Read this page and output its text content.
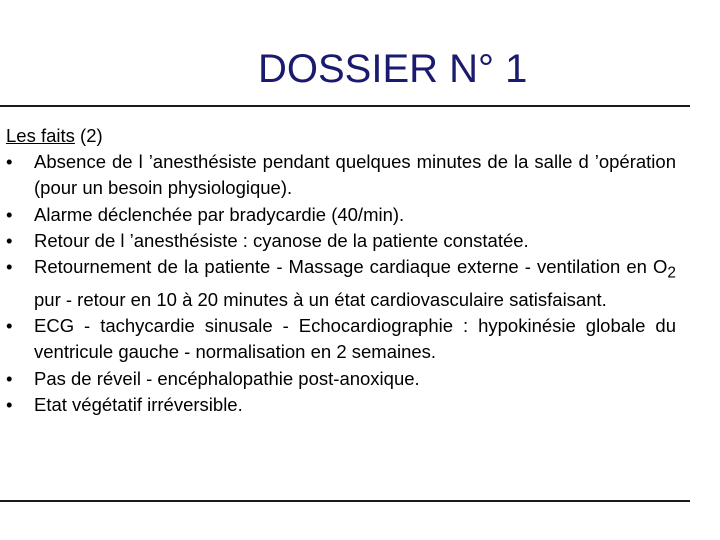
DOSSIER N° 1

Les faits (2)

•	Absence de l ’anesthésiste pendant quelques minutes de la salle d ’opération (pour un besoin physiologique).
•	Alarme déclenchée par bradycardie (40/min).
•	Retour de l ’anesthésiste : cyanose de la patiente constatée.
•	Retournement de la patiente - Massage cardiaque externe - ventilation en $O_2$ pur - retour en 10 à 20 minutes à un état cardiovasculaire satisfaisant.
•	ECG - tachycardie sinusale - Echocardiographie : hypokinésie globale du ventricule gauche - normalisation en 2 semaines.
•	Pas de réveil - encéphalopathie post-anoxique.
•	Etat végétatif irréversible.
